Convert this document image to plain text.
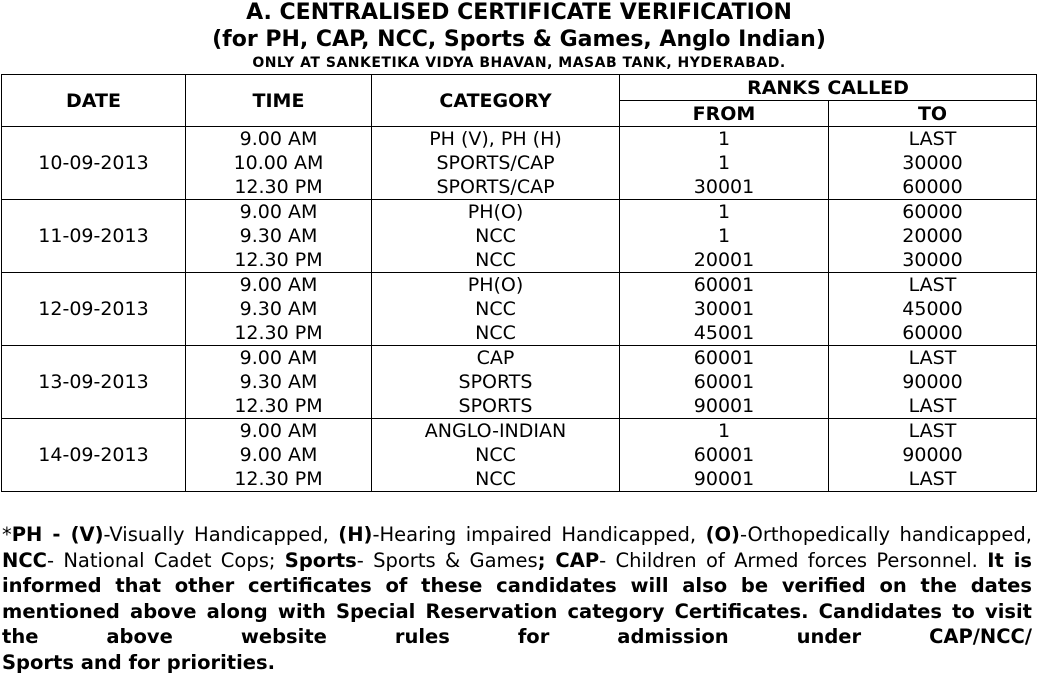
A. CENTRALISED CERTIFICATE VERIFICATION
(for PH, CAP, NCC, Sports & Games, Anglo Indian)
ONLY AT SANKETIKA VIDYA BHAVAN, MASAB TANK, HYDERABAD.
DATE	TIME	CATEGORY	RANKS CALLED	
			FROM	TO
10-09-2013	9.00 AM	PH (V), PH (H)	1	LAST
	10.00 AM	SPORTS/CAP	1	30000
	12.30 PM	SPORTS/CAP	30001	60000
11-09-2013	9.00 AM	PH(O)	1	60000
	9.30 AM	NCC	1	20000
	12.30 PM	NCC	20001	30000
12-09-2013	9.00 AM	PH(O)	60001	LAST
	9.30 AM	NCC	30001	45000
	12.30 PM	NCC	45001	60000
13-09-2013	9.00 AM	CAP	60001	LAST
	9.30 AM	SPORTS	60001	90000
	12.30 PM	SPORTS	90001	LAST
14-09-2013	9.00 AM	ANGLO-INDIAN	1	LAST
	9.00 AM	NCC	60001	90000
	12.30 PM	NCC	90001	LAST

*PH - (V)-Visually Handicapped, (H)-Hearing impaired Handicapped, (O)-Orthopedically handicapped, NCC- National Cadet Cops; Sports- Sports & Games; CAP- Children of Armed forces Personnel. It is informed that other certificates of these candidates will also be verified on the dates mentioned above along with Special Reservation category Certificates. Candidates to visit the above website rules for admission under CAP/NCC/

Sports and for priorities.
